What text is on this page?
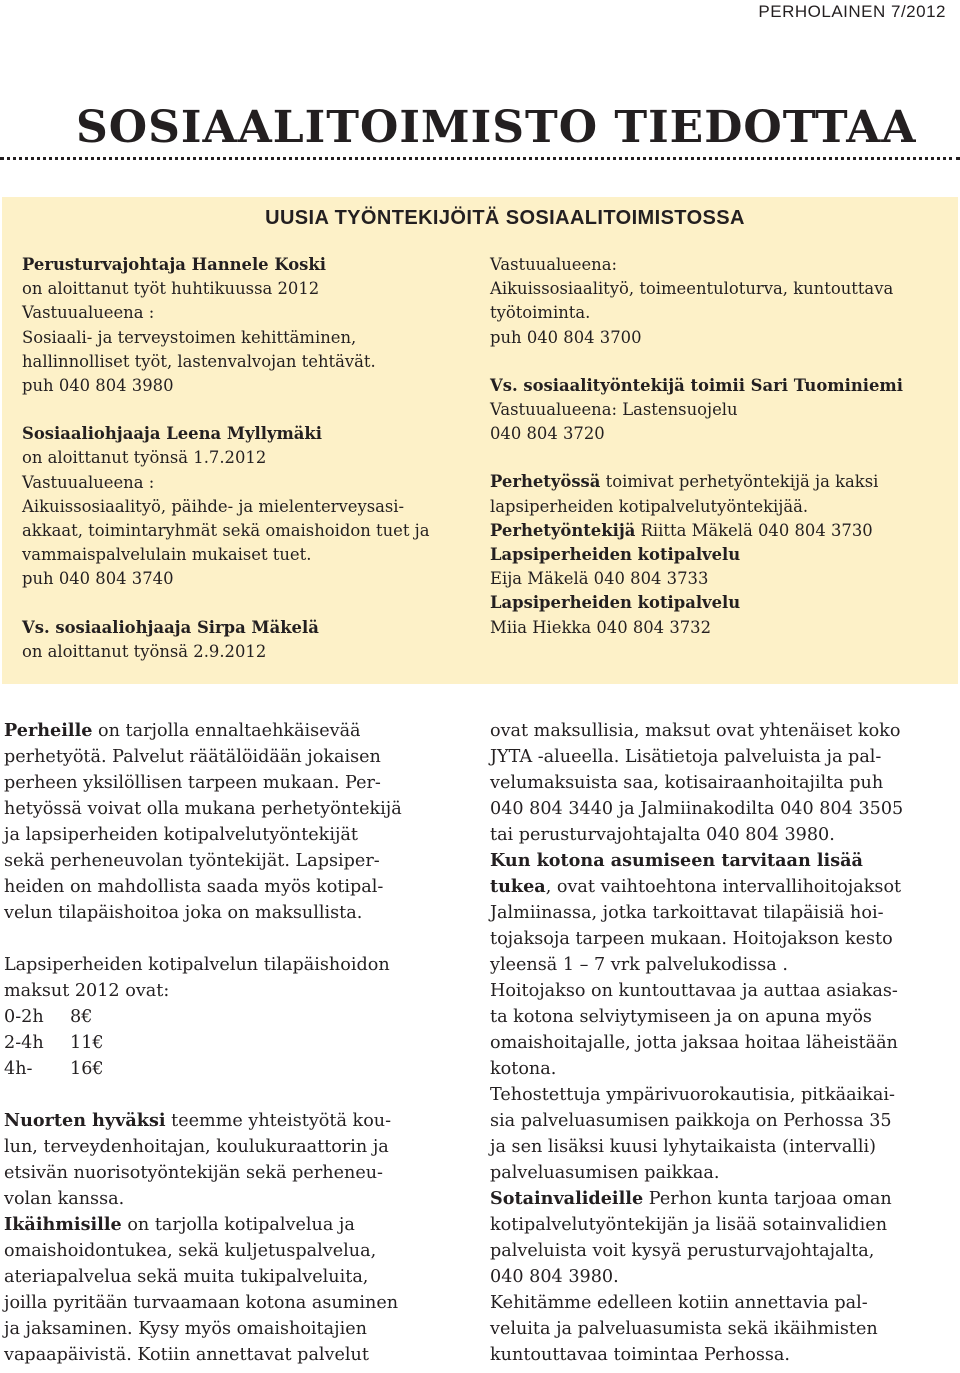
PERHOLAINEN 7/2012
SOSIAALITOIMISTO TIEDOTTAA
UUSIA TYÖNTEKIJÖITÄ SOSIAALITOIMISTOSSA

Perusturvajohtaja Hannele Koski

on aloittanut työt huhtikuussa 2012

Vastuualueena :

Sosiaali- ja terveystoimen kehittäminen,

hallinnolliset työt, lastenvalvojan tehtävät.

puh 040 804 3980

Sosiaaliohjaaja Leena Myllymäki

on aloittanut työnsä 1.7.2012

Vastuualueena :

Aikuissosiaalityö, päihde- ja mielenterveysasi-

akkaat, toimintaryhmät sekä omaishoidon tuet ja

vammaispalvelulain mukaiset tuet.

puh 040 804 3740

Vs. sosiaaliohjaaja Sirpa Mäkelä

on aloittanut työnsä 2.9.2012

Vastuualueena:

Aikuissosiaalityö, toimeentuloturva, kuntouttava

työtoiminta.

puh 040 804 3700

Vs. sosiaalityöntekijä toimii Sari Tuominiemi

Vastuualueena: Lastensuojelu

040 804 3720

Perhetyössä toimivat perhetyöntekijä ja kaksi

lapsiperheiden kotipalvelutyöntekijää.

Perhetyöntekijä Riitta Mäkelä 040 804 3730

Lapsiperheiden kotipalvelu

Eija Mäkelä 040 804 3733

Lapsiperheiden kotipalvelu

Miia Hiekka 040 804 3732

Perheille on tarjolla ennaltaehkäisevää

perhetyötä. Palvelut räätälöidään jokaisen

perheen yksilöllisen tarpeen mukaan. Per-

hetyössä voivat olla mukana perhetyöntekijä

ja lapsiperheiden kotipalvelutyöntekijät

sekä perheneuvolan työntekijät. Lapsiper-

heiden on mahdollista saada myös kotipal-

velun tilapäishoitoa joka on maksullista.

Lapsiperheiden kotipalvelun tilapäishoidon

maksut 2012 ovat:

0-2h	8€

2-4h	11€

4h-	16€

Nuorten hyväksi teemme yhteistyötä kou-

lun, terveydenhoitajan, koulukuraattorin ja

etsivän nuorisotyöntekijän sekä perheneu-

volan kanssa.

Ikäihmisille on tarjolla kotipalvelua ja

omaishoidontukea, sekä kuljetuspalvelua,

ateriapalvelua sekä muita tukipalveluita,

joilla pyritään turvaamaan kotona asuminen

ja jaksaminen. Kysy myös omaishoitajien

vapaapäivistä. Kotiin annettavat palvelut

ovat maksullisia, maksut ovat yhtenäiset koko

JYTA -alueella. Lisätietoja palveluista ja pal-

velumaksuista saa, kotisairaanhoitajilta puh

040 804 3440 ja Jalmiinakodilta 040 804 3505

tai perusturvajohtajalta 040 804 3980.

Kun kotona asumiseen tarvitaan lisää

tukea, ovat vaihtoehtona intervallihoitojaksot

Jalmiinassa, jotka tarkoittavat tilapäisiä hoi-

tojaksoja tarpeen mukaan. Hoitojakson kesto

yleensä 1 – 7 vrk palvelukodissa .

Hoitojakso on kuntouttavaa ja auttaa asiakas-

ta kotona selviytymiseen ja on apuna myös

omaishoitajalle, jotta jaksaa hoitaa läheistään

kotona.

Tehostettuja ympärivuorokautisia, pitkäaikai-

sia palveluasumisen paikkoja on Perhossa 35

ja sen lisäksi kuusi lyhytaikaista (intervalli)

palveluasumisen paikkaa.

Sotainvalideille Perhon kunta tarjoaa oman

kotipalvelutyöntekijän ja lisää sotainvalidien

palveluista voit kysyä perusturvajohtajalta,

040 804 3980.

Kehitämme edelleen kotiin annettavia pal-

veluita ja palveluasumista sekä ikäihmisten

kuntouttavaa toimintaa Perhossa.
